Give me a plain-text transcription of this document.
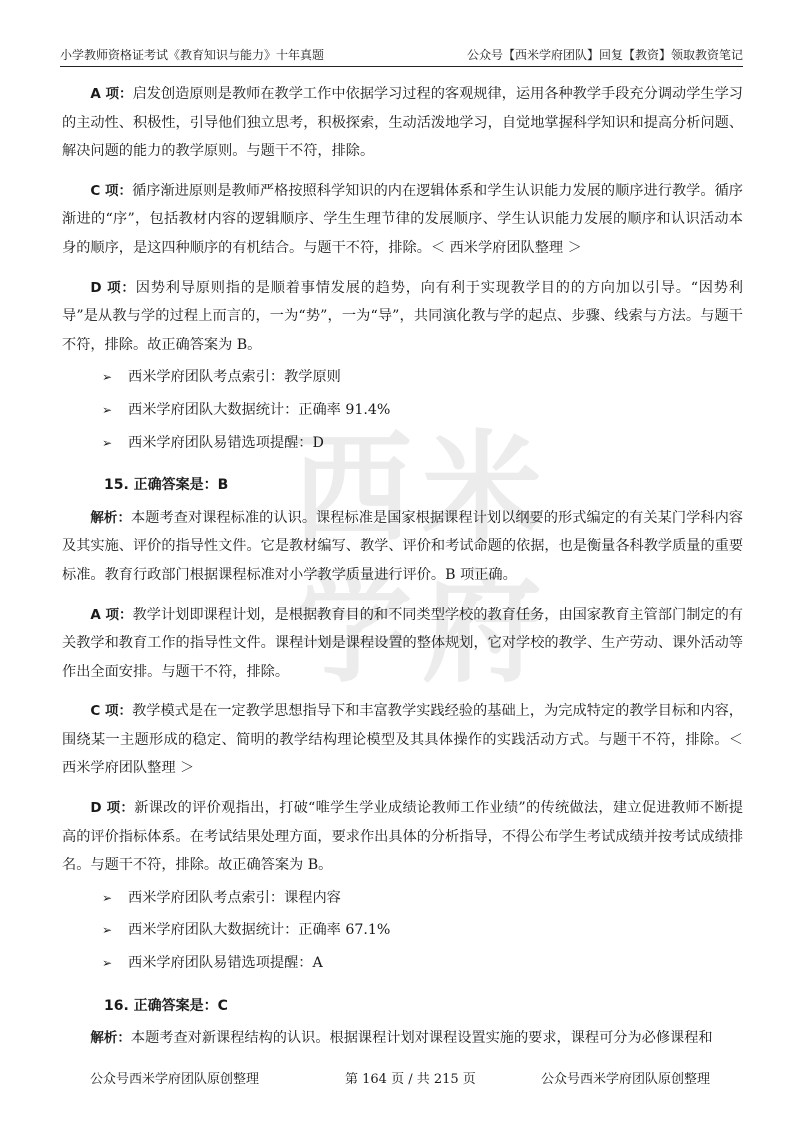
小学教师资格证考试《教育知识与能力》十年真题	公众号【西米学府团队】回复【教资】领取教资笔记
西 米
学 府

A 项：启发创造原则是教师在教学工作中依据学习过程的客观规律，运用各种教学手段充分调动学生学习的主动性、积极性，引导他们独立思考，积极探索，生动活泼地学习，自觉地掌握科学知识和提高分析问题、解决问题的能力的教学原则。与题干不符，排除。

C 项：循序渐进原则是教师严格按照科学知识的内在逻辑体系和学生认识能力发展的顺序进行教学。循序渐进的“序”，包括教材内容的逻辑顺序、学生生理节律的发展顺序、学生认识能力发展的顺序和认识活动本身的顺序，是这四种顺序的有机结合。与题干不符，排除。＜ 西米学府团队整理 ＞

D 项：因势利导原则指的是顺着事情发展的趋势，向有利于实现教学目的的方向加以引导。“因势利导”是从教与学的过程上而言的，一为“势”，一为“导”，共同演化教与学的起点、步骤、线索与方法。与题干不符，排除。故正确答案为 B。

➢ 西米学府团队考点索引：教学原则

➢ 西米学府团队大数据统计：正确率 91.4%

➢ 西米学府团队易错选项提醒：D

15. 正确答案是：B

解析：本题考查对课程标准的认识。课程标准是国家根据课程计划以纲要的形式编定的有关某门学科内容及其实施、评价的指导性文件。它是教材编写、教学、评价和考试命题的依据，也是衡量各科教学质量的重要标准。教育行政部门根据课程标准对小学教学质量进行评价。B 项正确。

A 项：教学计划即课程计划，是根据教育目的和不同类型学校的教育任务，由国家教育主管部门制定的有关教学和教育工作的指导性文件。课程计划是课程设置的整体规划，它对学校的教学、生产劳动、课外活动等作出全面安排。与题干不符，排除。

C 项：教学模式是在一定教学思想指导下和丰富教学实践经验的基础上，为完成特定的教学目标和内容，围绕某一主题形成的稳定、简明的教学结构理论模型及其具体操作的实践活动方式。与题干不符，排除。＜ 西米学府团队整理 ＞

D 项：新课改的评价观指出，打破“唯学生学业成绩论教师工作业绩”的传统做法，建立促进教师不断提高的评价指标体系。在考试结果处理方面，要求作出具体的分析指导，不得公布学生考试成绩并按考试成绩排名。与题干不符，排除。故正确答案为 B。

➢ 西米学府团队考点索引：课程内容

➢ 西米学府团队大数据统计：正确率 67.1%

➢ 西米学府团队易错选项提醒：A

16. 正确答案是：C

解析：本题考查对新课程结构的认识。根据课程计划对课程设置实施的要求，课程可分为必修课程和

公众号西米学府团队原创整理	第 164 页 / 共 215 页	公众号西米学府团队原创整理
